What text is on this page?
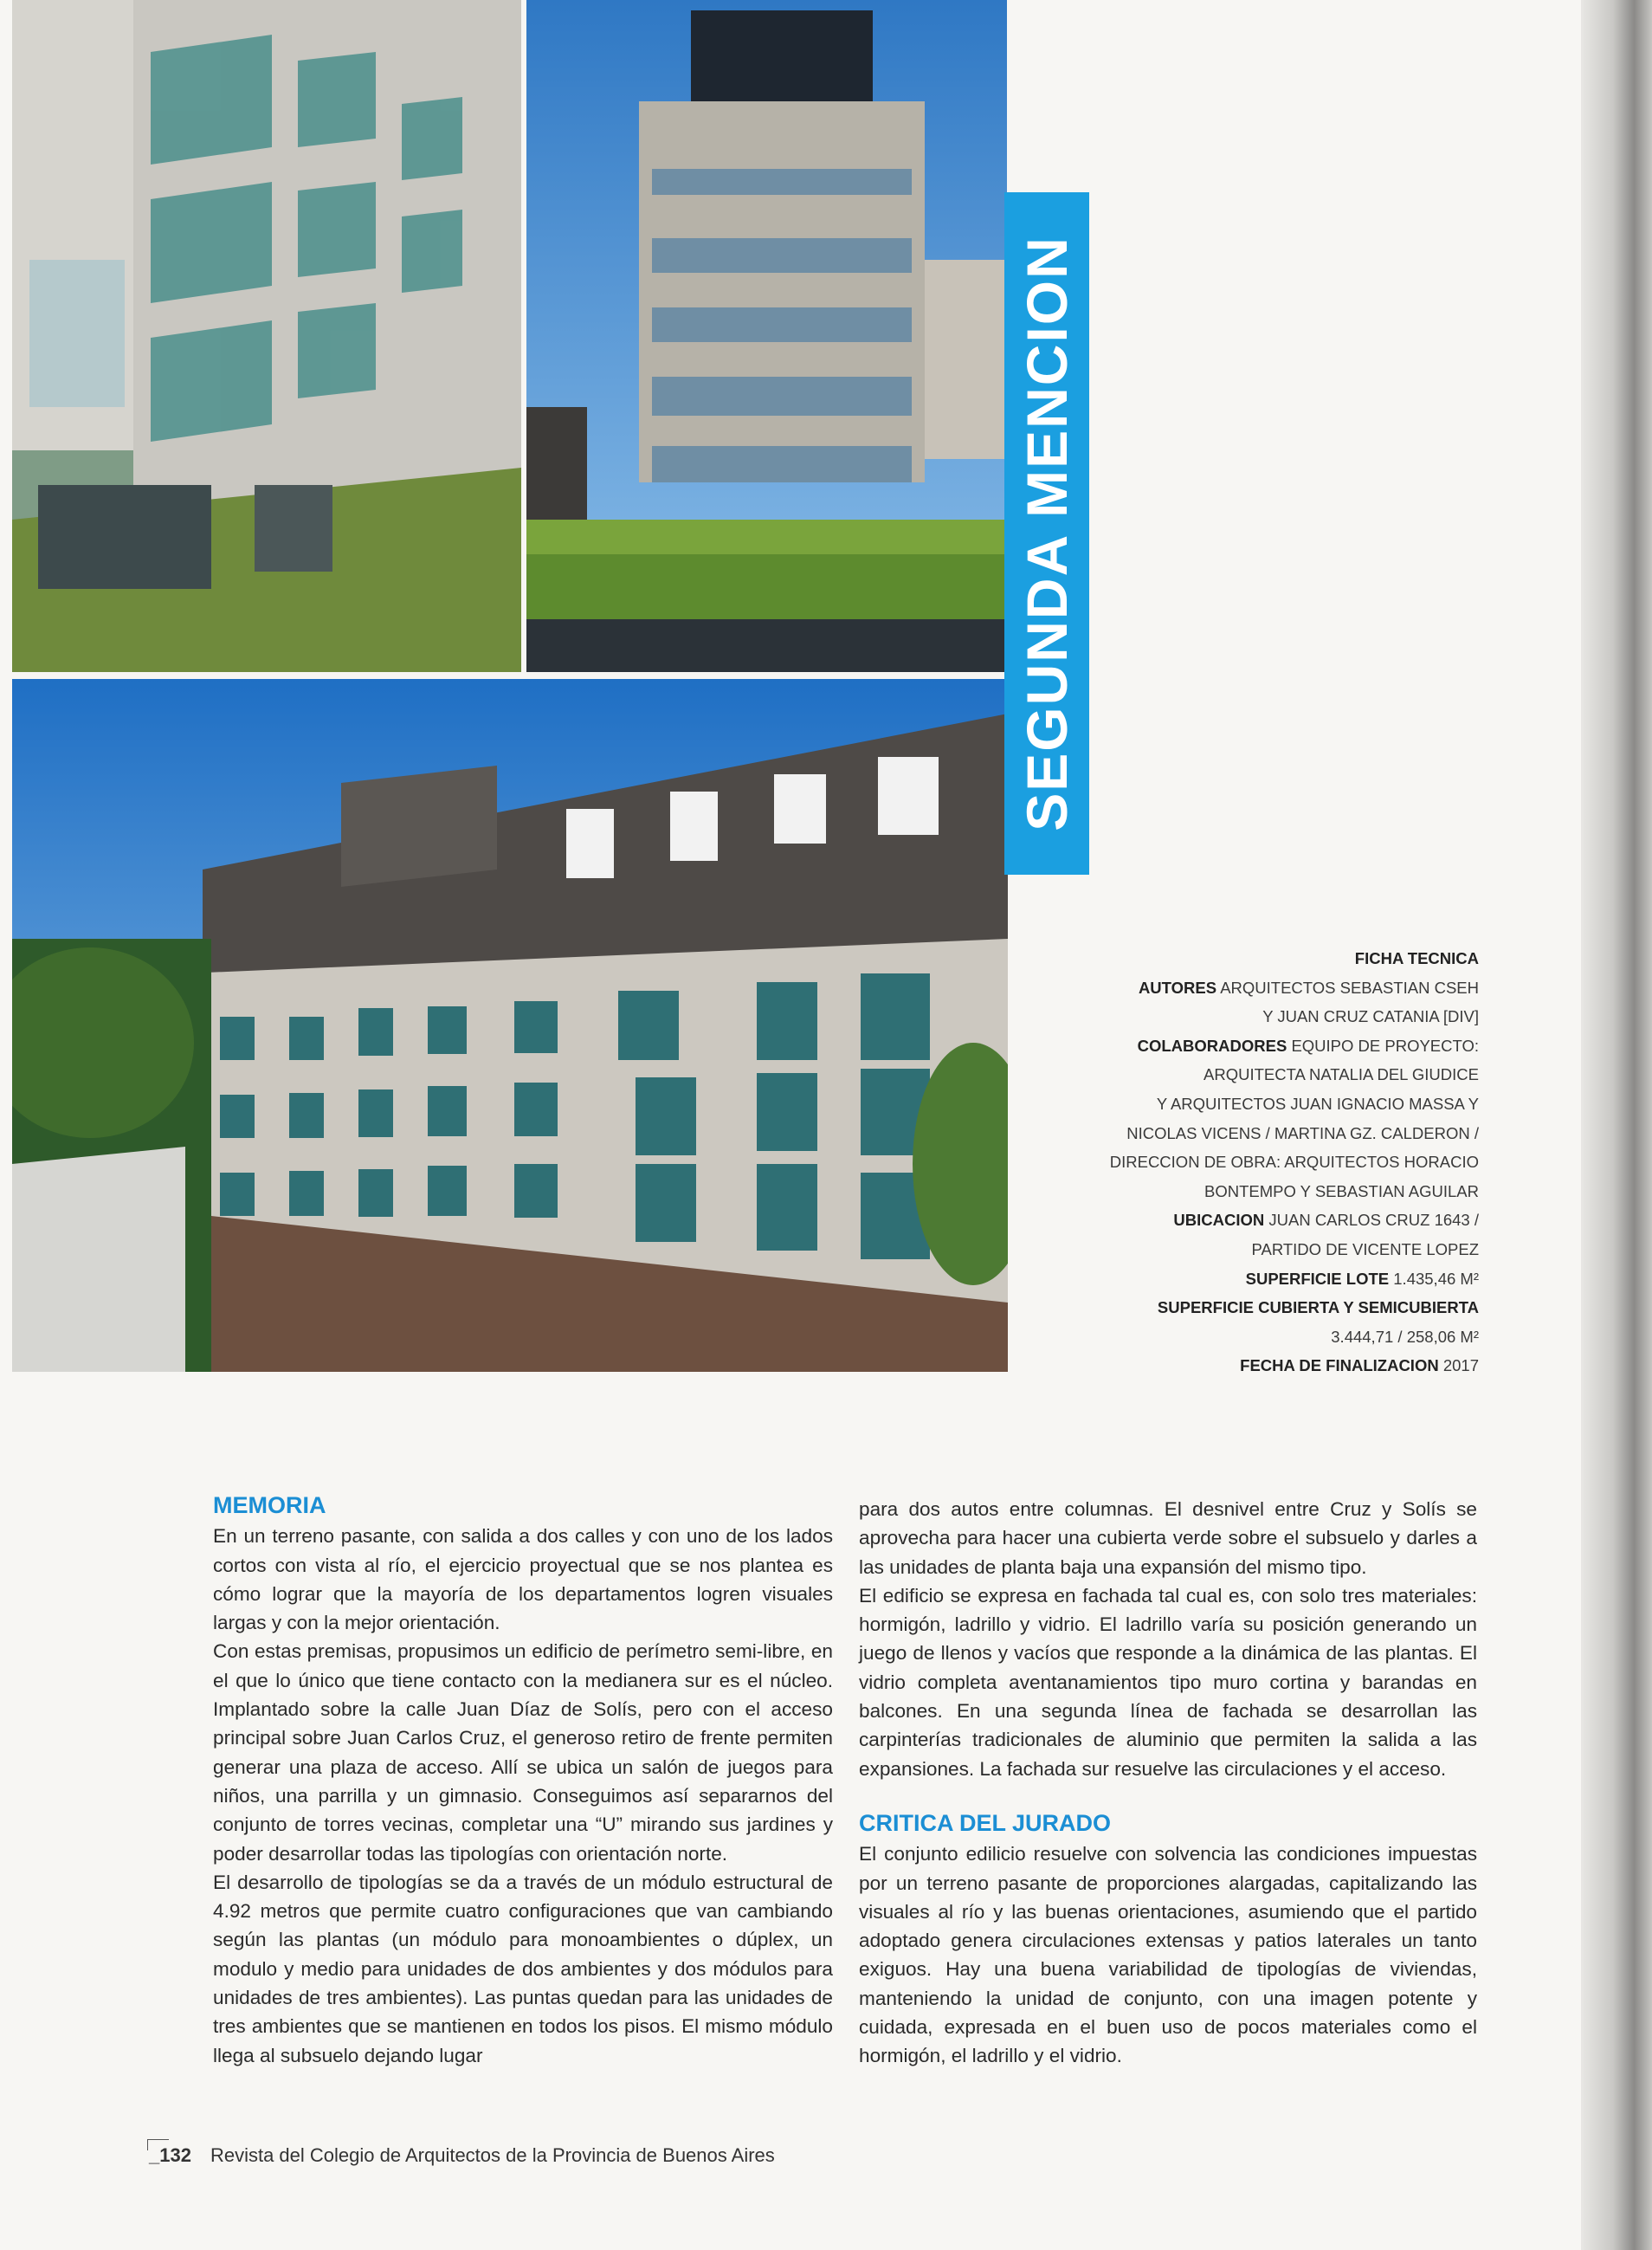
SEGUNDA MENCION
FICHA TECNICA
AUTORES ARQUITECTOS SEBASTIAN CSEH
Y JUAN CRUZ CATANIA [DIV]
COLABORADORES EQUIPO DE PROYECTO:
ARQUITECTA NATALIA DEL GIUDICE
Y ARQUITECTOS JUAN IGNACIO MASSA Y
NICOLAS VICENS / MARTINA GZ. CALDERON /
DIRECCION DE OBRA: ARQUITECTOS HORACIO
BONTEMPO Y SEBASTIAN AGUILAR
UBICACION JUAN CARLOS CRUZ 1643 /
PARTIDO DE VICENTE LOPEZ
SUPERFICIE LOTE 1.435,46 M²
SUPERFICIE CUBIERTA Y SEMICUBIERTA
3.444,71 / 258,06 M²
FECHA DE FINALIZACION 2017
MEMORIA

En un terreno pasante, con salida a dos calles y con uno de los lados cortos con vista al río, el ejercicio proyectual que se nos plantea es cómo lograr que la mayoría de los departamentos logren visuales largas y con la mejor orientación.

Con estas premisas, propusimos un edificio de perímetro semi-libre, en el que lo único que tiene contacto con la medianera sur es el núcleo. Implantado sobre la calle Juan Díaz de Solís, pero con el acceso principal sobre Juan Carlos Cruz, el generoso retiro de frente permiten generar una plaza de acceso. Allí se ubica un salón de juegos para niños, una parrilla y un gimnasio. Conseguimos así separarnos del conjunto de torres vecinas, completar una “U” mirando sus jardines y poder desarrollar todas las tipologías con orientación norte.

El desarrollo de tipologías se da a través de un módulo estructural de 4.92 metros que permite cuatro configuraciones que van cambiando según las plantas (un módulo para monoambientes o dúplex, un modulo y medio para unidades de dos ambientes y dos módulos para unidades de tres ambientes). Las puntas quedan para las unidades de tres ambientes que se mantienen en todos los pisos. El mismo módulo llega al subsuelo dejando lugar

para dos autos entre columnas. El desnivel entre Cruz y Solís se aprovecha para hacer una cubierta verde sobre el subsuelo y darles a las unidades de planta baja una expansión del mismo tipo.

El edificio se expresa en fachada tal cual es, con solo tres materiales: hormigón, ladrillo y vidrio. El ladrillo varía su posición generando un juego de llenos y vacíos que responde a la dinámica de las plantas. El vidrio completa aventanamientos tipo muro cortina y barandas en balcones. En una segunda línea de fachada se desarrollan las carpinterías tradicionales de aluminio que permiten la salida a las expansiones. La fachada sur resuelve las circulaciones y el acceso.

CRITICA DEL JURADO

El conjunto edilicio resuelve con solvencia las condiciones impuestas por un terreno pasante de proporciones alargadas, capitalizando las visuales al río y las buenas orientaciones, asumiendo que el partido adoptado genera circulaciones extensas y patios laterales un tanto exiguos. Hay una buena variabilidad de tipologías de viviendas, manteniendo la unidad de conjunto, con una imagen potente y cuidada, expresada en el buen uso de pocos materiales como el hormigón, el ladrillo y el vidrio.

_132 Revista del Colegio de Arquitectos de la Provincia de Buenos Aires
